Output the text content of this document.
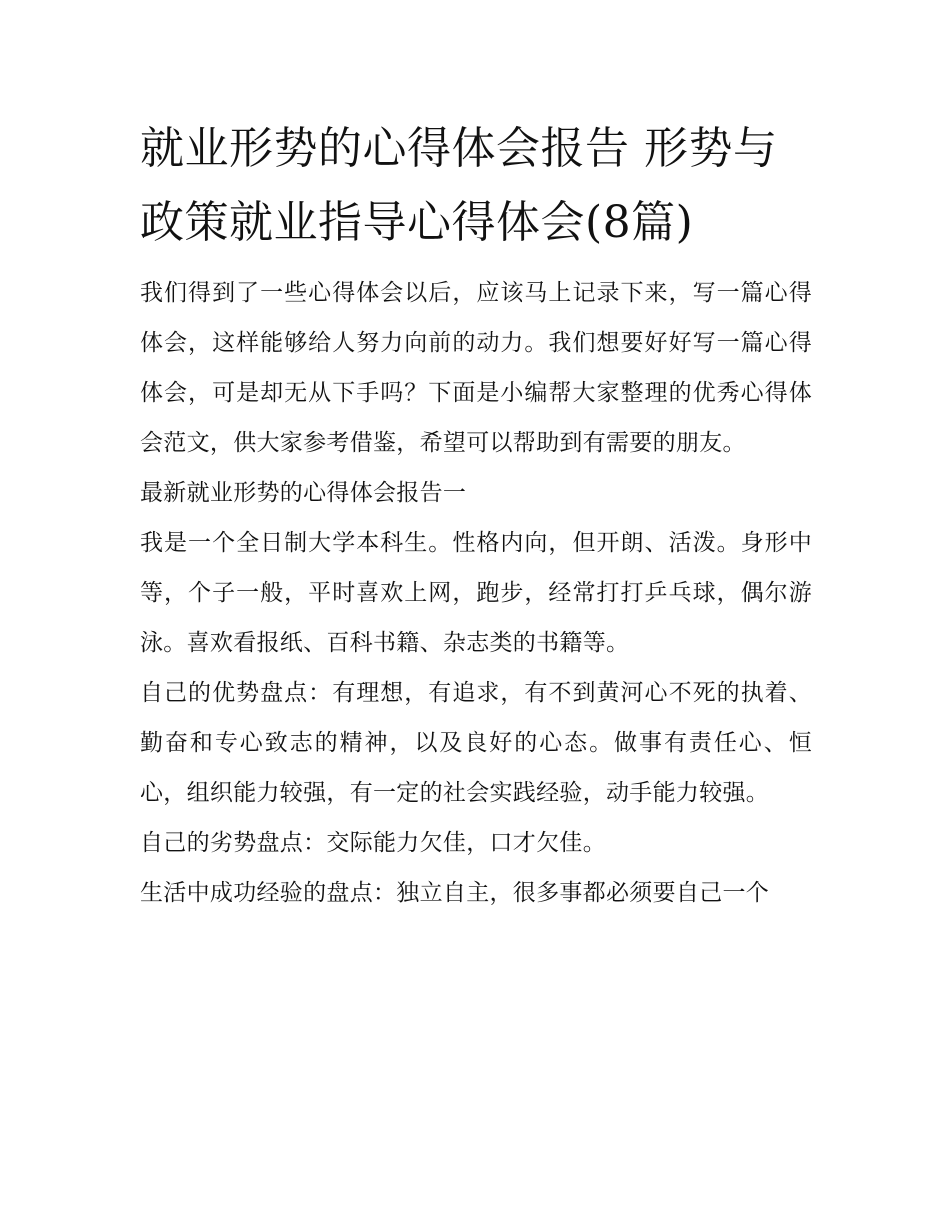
就业形势的心得体会报告 形势与政策就业指导心得体会(8篇)

我们得到了一些心得体会以后，应该马上记录下来，写一篇心得体会，这样能够给人努力向前的动力。我们想要好好写一篇心得体会，可是却无从下手吗？下面是小编帮大家整理的优秀心得体会范文，供大家参考借鉴，希望可以帮助到有需要的朋友。

最新就业形势的心得体会报告一

我是一个全日制大学本科生。性格内向，但开朗、活泼。身形中等，个子一般，平时喜欢上网，跑步，经常打打乒乓球，偶尔游泳。喜欢看报纸、百科书籍、杂志类的书籍等。

自己的优势盘点：有理想，有追求，有不到黄河心不死的执着、勤奋和专心致志的精神，以及良好的心态。做事有责任心、恒心，组织能力较强，有一定的社会实践经验，动手能力较强。

自己的劣势盘点：交际能力欠佳，口才欠佳。

生活中成功经验的盘点：独立自主，很多事都必须要自己一个
